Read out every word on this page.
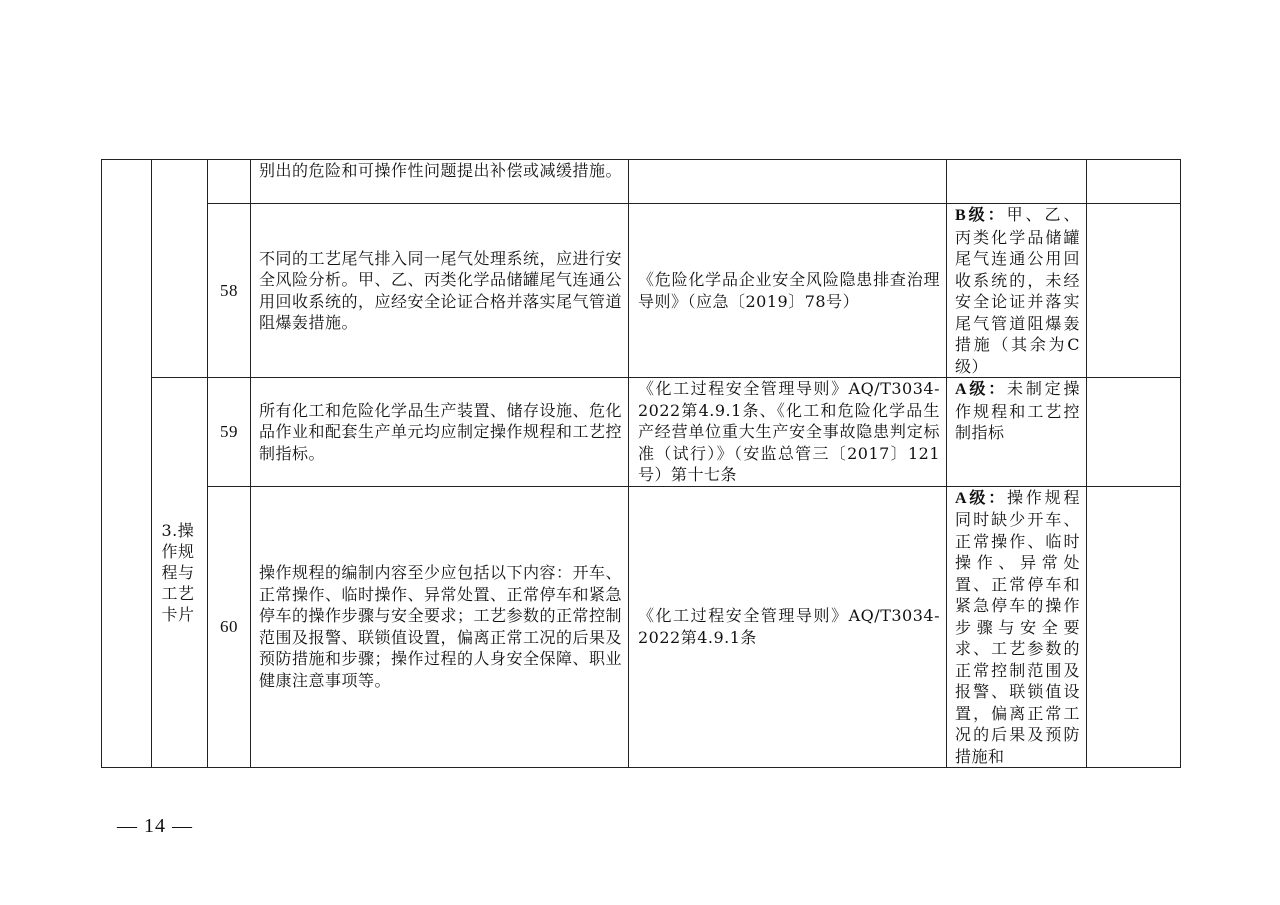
			别出的危险和可操作性问题提出补偿或减缓措施。			
		58	不同的工艺尾气排入同一尾气处理系统，应进行安全风险分析。甲、乙、丙类化学品储罐尾气连通公用回收系统的，应经安全论证合格并落实尾气管道阻爆轰措施。	《危险化学品企业安全风险隐患排查治理导则》（应急〔2019〕78号）	B级：甲、乙、丙类化学品储罐尾气连通公用回收系统的，未经安全论证并落实尾气管道阻爆轰措施（其余为C级）	
	3.操作规程与工艺卡片	59	所有化工和危险化学品生产装置、储存设施、危化品作业和配套生产单元均应制定操作规程和工艺控制指标。	《化工过程安全管理导则》AQ/T3034-2022第4.9.1条、《化工和危险化学品生产经营单位重大生产安全事故隐患判定标准（试行）》（安监总管三〔2017〕121号）第十七条	A级：未制定操作规程和工艺控制指标	
		60	操作规程的编制内容至少应包括以下内容：开车、正常操作、临时操作、异常处置、正常停车和紧急停车的操作步骤与安全要求；工艺参数的正常控制范围及报警、联锁值设置，偏离正常工况的后果及预防措施和步骤；操作过程的人身安全保障、职业健康注意事项等。	《化工过程安全管理导则》AQ/T3034-2022第4.9.1条	A级：操作规程同时缺少开车、正常操作、临时操作、异常处置、正常停车和紧急停车的操作步骤与安全要求、工艺参数的正常控制范围及报警、联锁值设置，偏离正常工况的后果及预防措施和	
— 14 —
